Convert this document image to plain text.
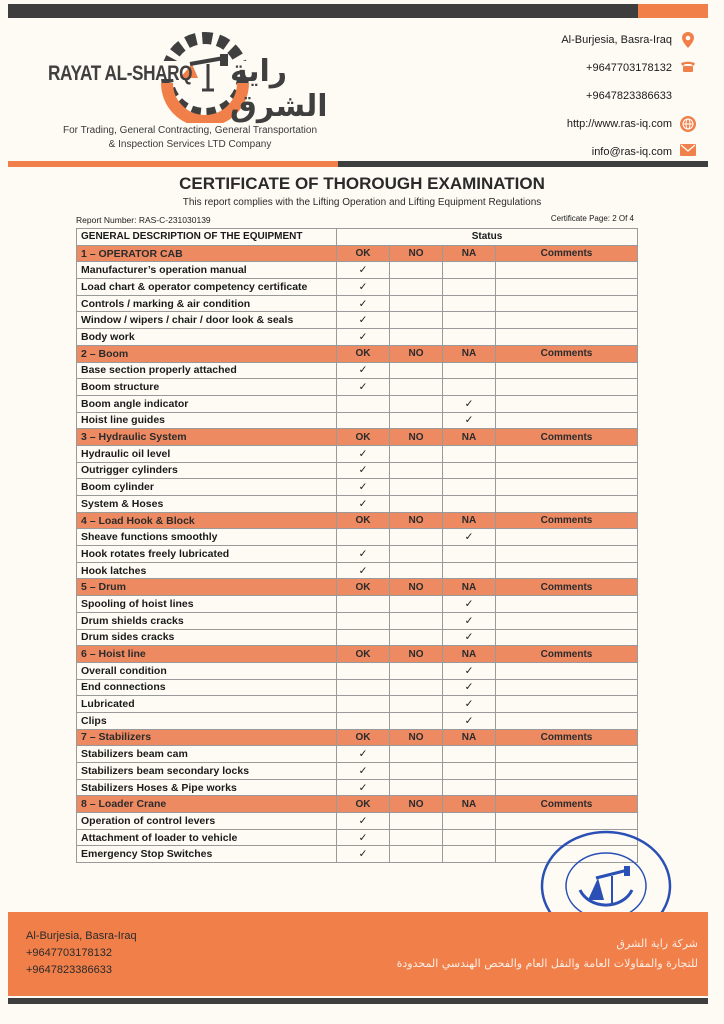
RAYAT AL-SHARQ راية الشرق
For Trading, General Contracting, General Transportation
& Inspection Services LTD Company
Al-Burjesia, Basra-Iraq
+9647703178132
+9647823386633
http://www.ras-iq.com
info@ras-iq.com
CERTIFICATE OF THOROUGH EXAMINATION
This report complies with the Lifting Operation and Lifting Equipment Regulations
Report Number: RAS-C-231030139	Certificate Page: 2 Of 4
GENERAL DESCRIPTION OF THE EQUIPMENT	Status			
1 – OPERATOR CAB	OK	NO	NA	Comments
Manufacturer’s operation manual	✓			
Load chart & operator competency certificate	✓			
Controls / marking & air condition	✓			
Window / wipers / chair / door look & seals	✓			
Body work	✓			
2 – Boom	OK	NO	NA	Comments
Base section properly attached	✓			
Boom structure	✓			
Boom angle indicator			✓	
Hoist line guides			✓	
3 – Hydraulic System	OK	NO	NA	Comments
Hydraulic oil level	✓			
Outrigger cylinders	✓			
Boom cylinder	✓			
System & Hoses	✓			
4 – Load Hook & Block	OK	NO	NA	Comments
Sheave functions smoothly			✓	
Hook rotates freely lubricated	✓			
Hook latches	✓			
5 – Drum	OK	NO	NA	Comments
Spooling of hoist lines			✓	
Drum shields cracks			✓	
Drum sides cracks			✓	
6 – Hoist line	OK	NO	NA	Comments
Overall condition			✓	
End connections			✓	
Lubricated			✓	
Clips			✓	
7 – Stabilizers	OK	NO	NA	Comments
Stabilizers beam cam	✓			
Stabilizers beam secondary locks	✓			
Stabilizers Hoses & Pipe works	✓			
8 – Loader Crane	OK	NO	NA	Comments
Operation of control levers	✓			
Attachment of loader to vehicle	✓			
Emergency Stop Switches	✓			
Al-Burjesia, Basra-Iraq
+9647703178132
+9647823386633
شركة راية الشرق
للتجارة والمقاولات العامة والنقل العام والفحص الهندسي المحدودة
